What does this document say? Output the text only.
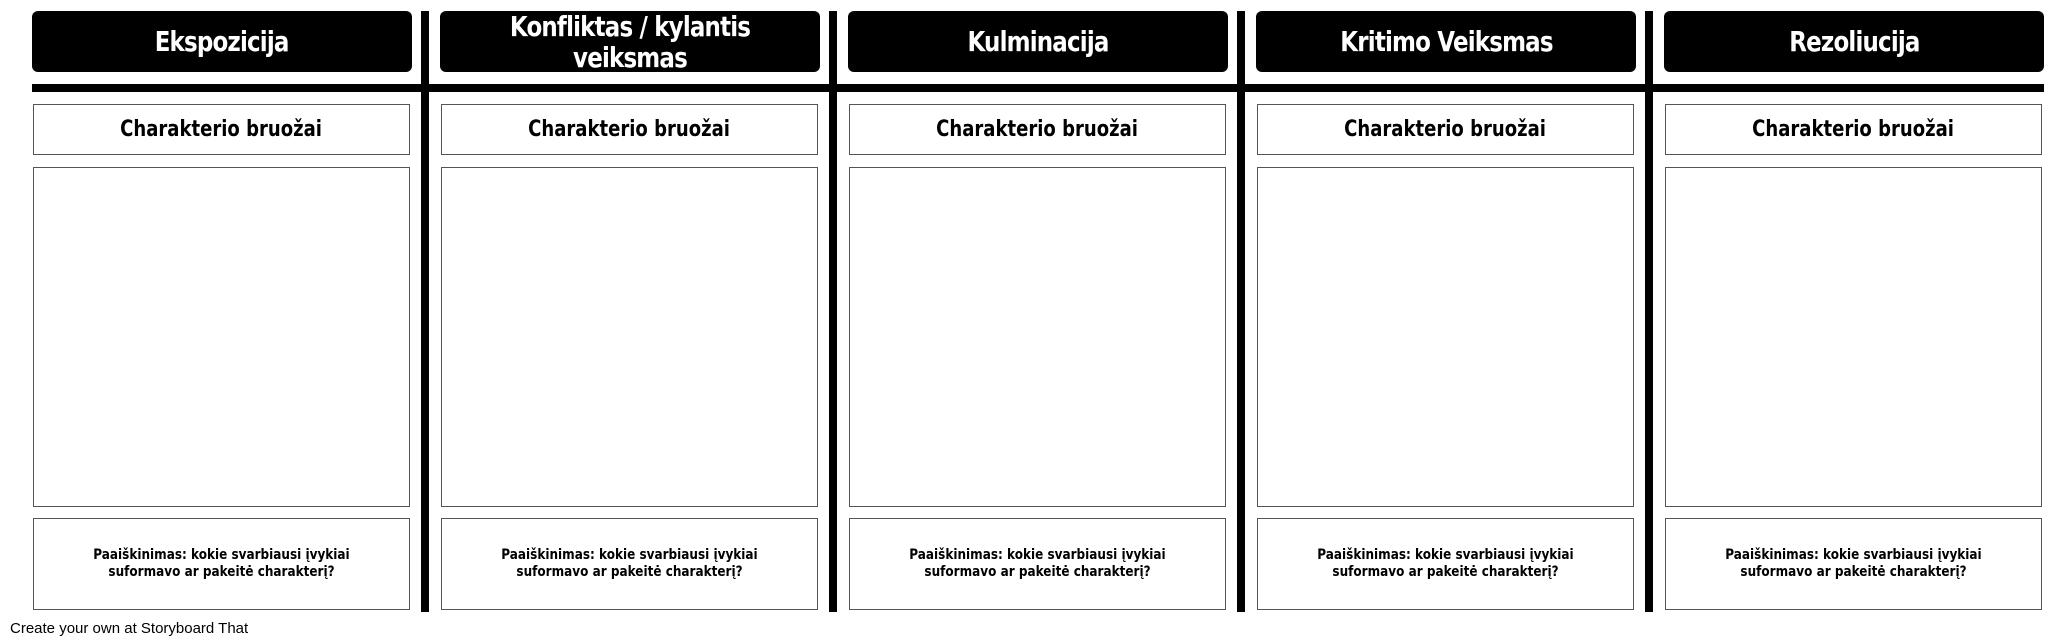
Ekspozicija
Charakterio bruožai
Paaiškinimas: kokie svarbiausi įvykiai suformavo ar pakeitė charakterį?
Konfliktas / kylantis veiksmas
Charakterio bruožai
Paaiškinimas: kokie svarbiausi įvykiai suformavo ar pakeitė charakterį?
Kulminacija
Charakterio bruožai
Paaiškinimas: kokie svarbiausi įvykiai suformavo ar pakeitė charakterį?
Kritimo Veiksmas
Charakterio bruožai
Paaiškinimas: kokie svarbiausi įvykiai suformavo ar pakeitė charakterį?
Rezoliucija
Charakterio bruožai
Paaiškinimas: kokie svarbiausi įvykiai suformavo ar pakeitė charakterį?
Create your own at Storyboard That
